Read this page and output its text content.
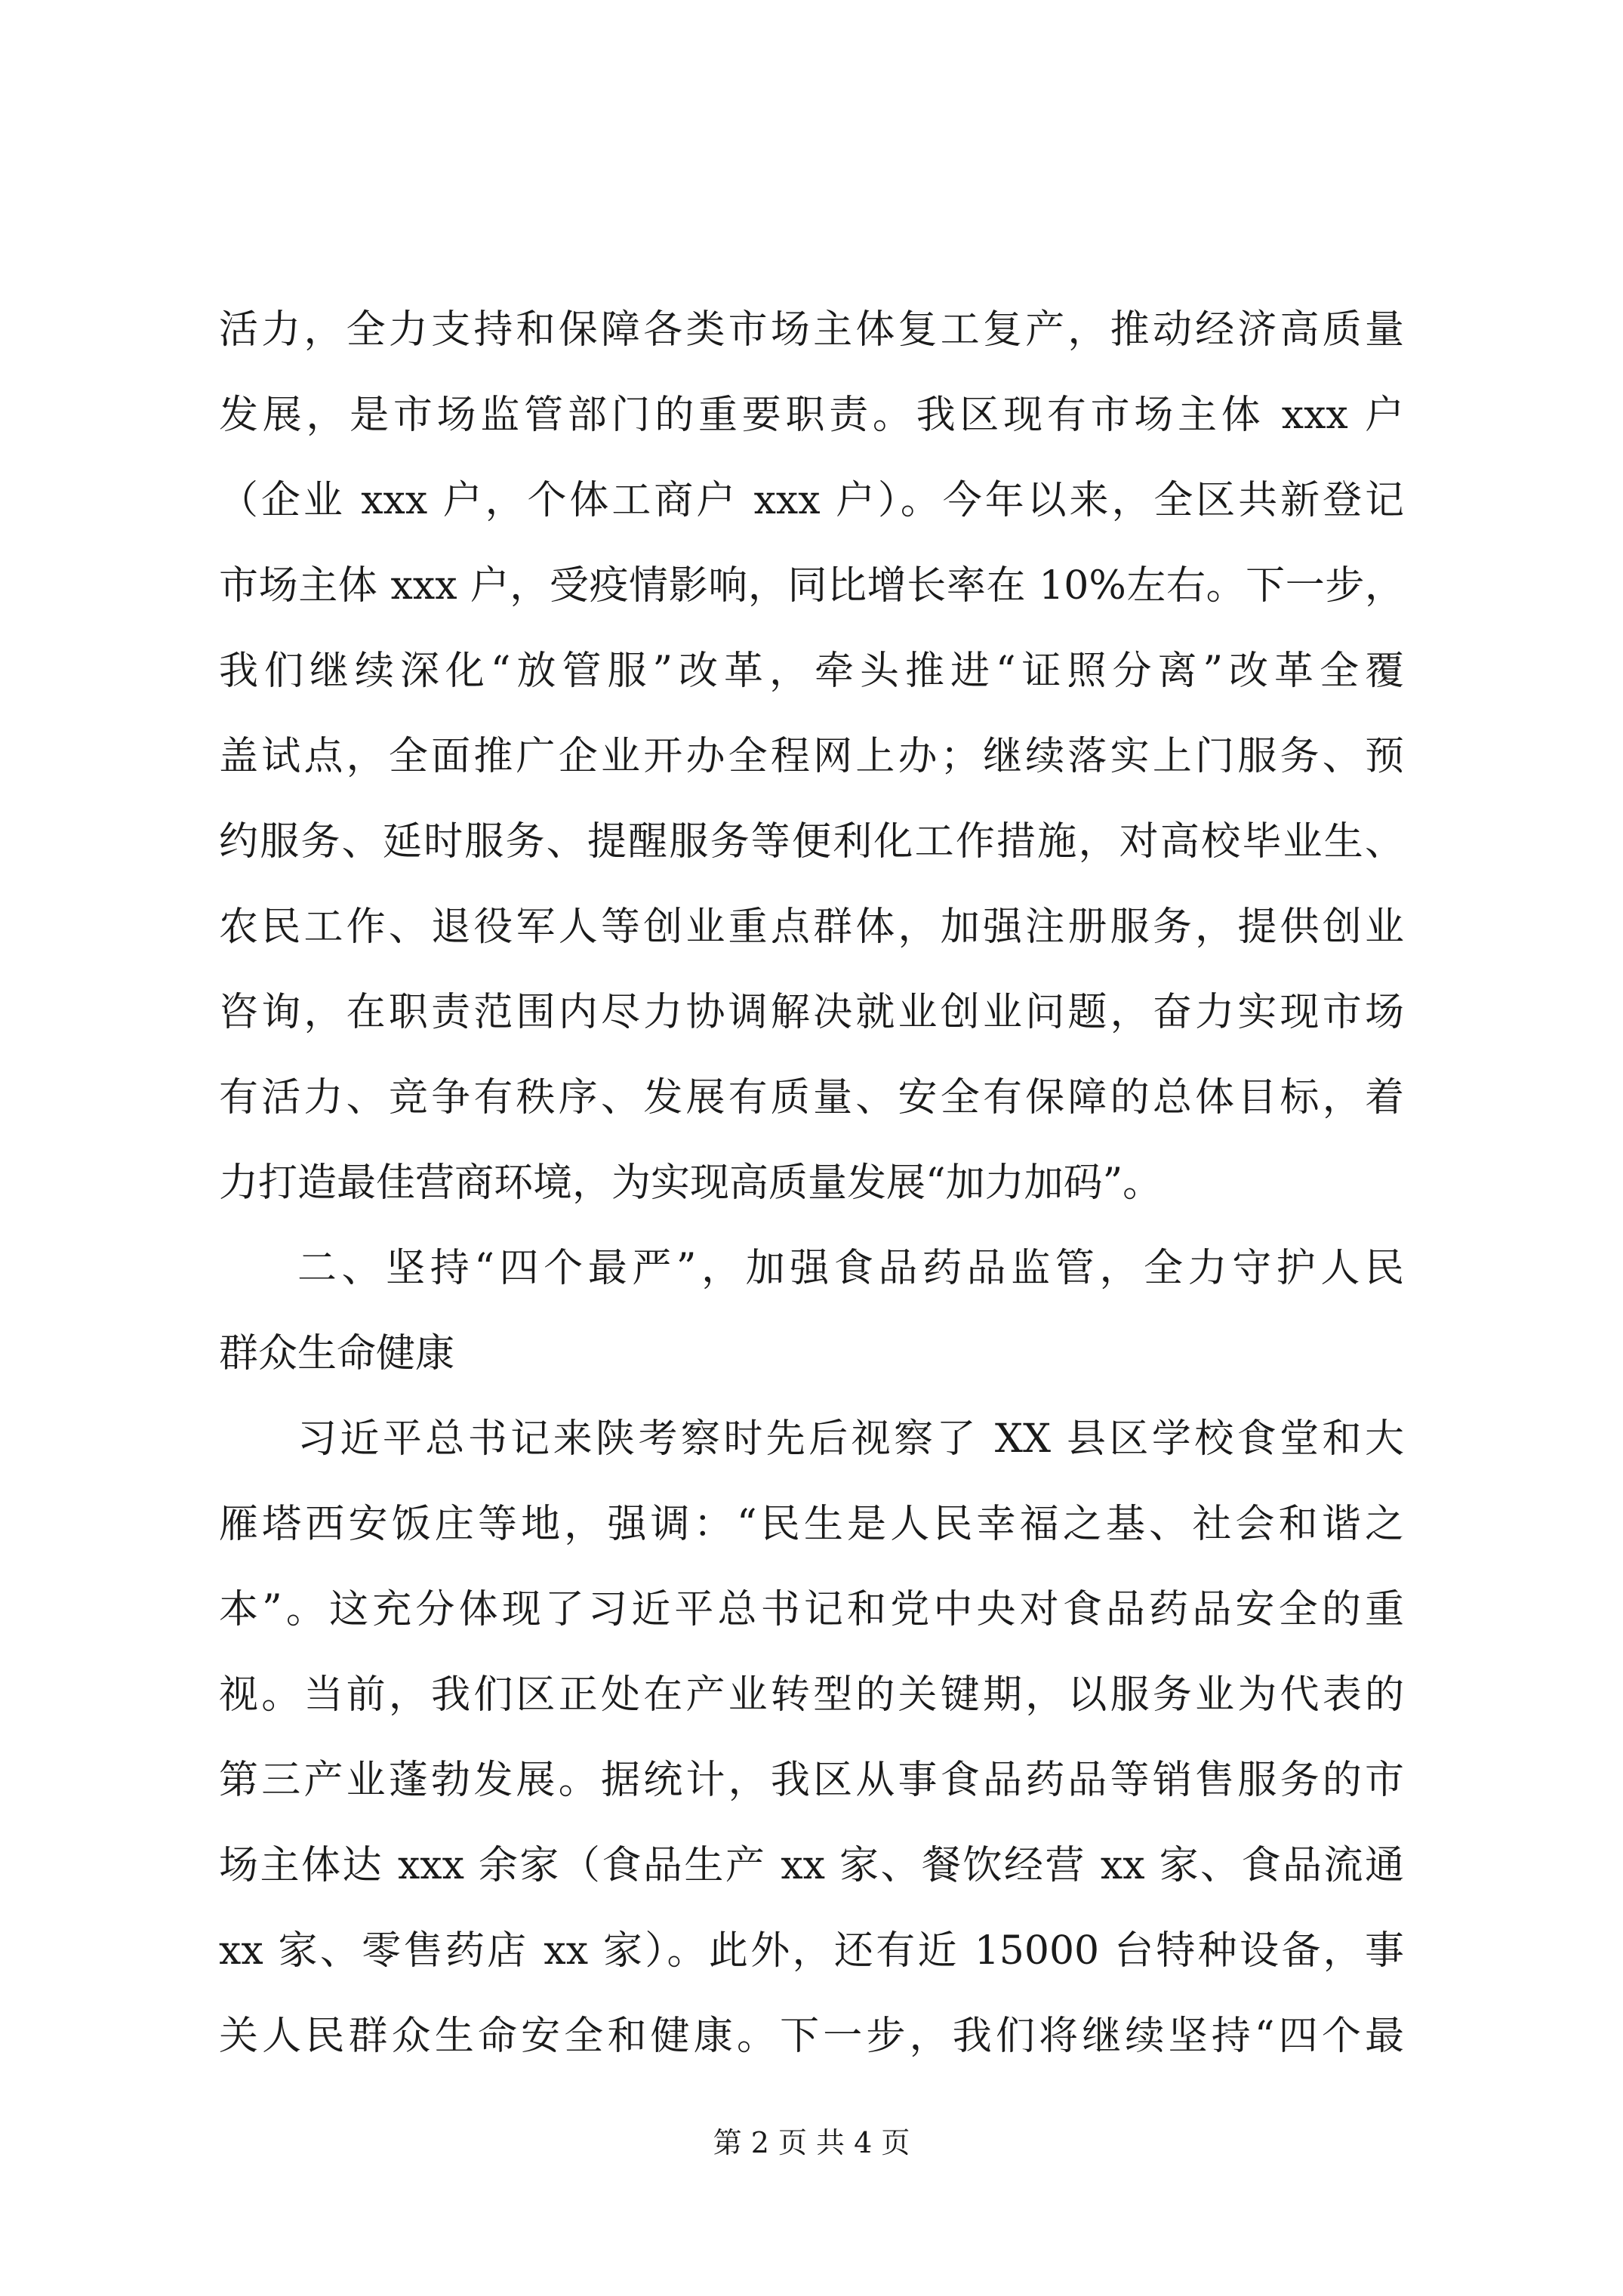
活力，全力支持和保障各类市场主体复工复产，推动经济高质量
发展，是市场监管部门的重要职责。我区现有市场主体 xxx 户
（企业 xxx 户，个体工商户 xxx 户）。今年以来，全区共新登记
市场主体 xxx 户，受疫情影响，同比增长率在 10%左右。下一步，
我们继续深化“放管服”改革，牵头推进“证照分离”改革全覆
盖试点，全面推广企业开办全程网上办；继续落实上门服务、预
约服务、延时服务、提醒服务等便利化工作措施，对高校毕业生、
农民工作、退役军人等创业重点群体，加强注册服务，提供创业
咨询，在职责范围内尽力协调解决就业创业问题，奋力实现市场
有活力、竞争有秩序、发展有质量、安全有保障的总体目标，着
力打造最佳营商环境，为实现高质量发展“加力加码”。
二、坚持“四个最严”，加强食品药品监管，全力守护人民
群众生命健康
习近平总书记来陕考察时先后视察了 XX 县区学校食堂和大
雁塔西安饭庄等地，强调：“民生是人民幸福之基、社会和谐之
本”。这充分体现了习近平总书记和党中央对食品药品安全的重
视。当前，我们区正处在产业转型的关键期，以服务业为代表的
第三产业蓬勃发展。据统计，我区从事食品药品等销售服务的市
场主体达 xxx 余家（食品生产 xx 家、餐饮经营 xx 家、食品流通
xx 家、零售药店 xx 家）。此外，还有近 15000 台特种设备，事
关人民群众生命安全和健康。下一步，我们将继续坚持“四个最
第 2 页 共 4 页
